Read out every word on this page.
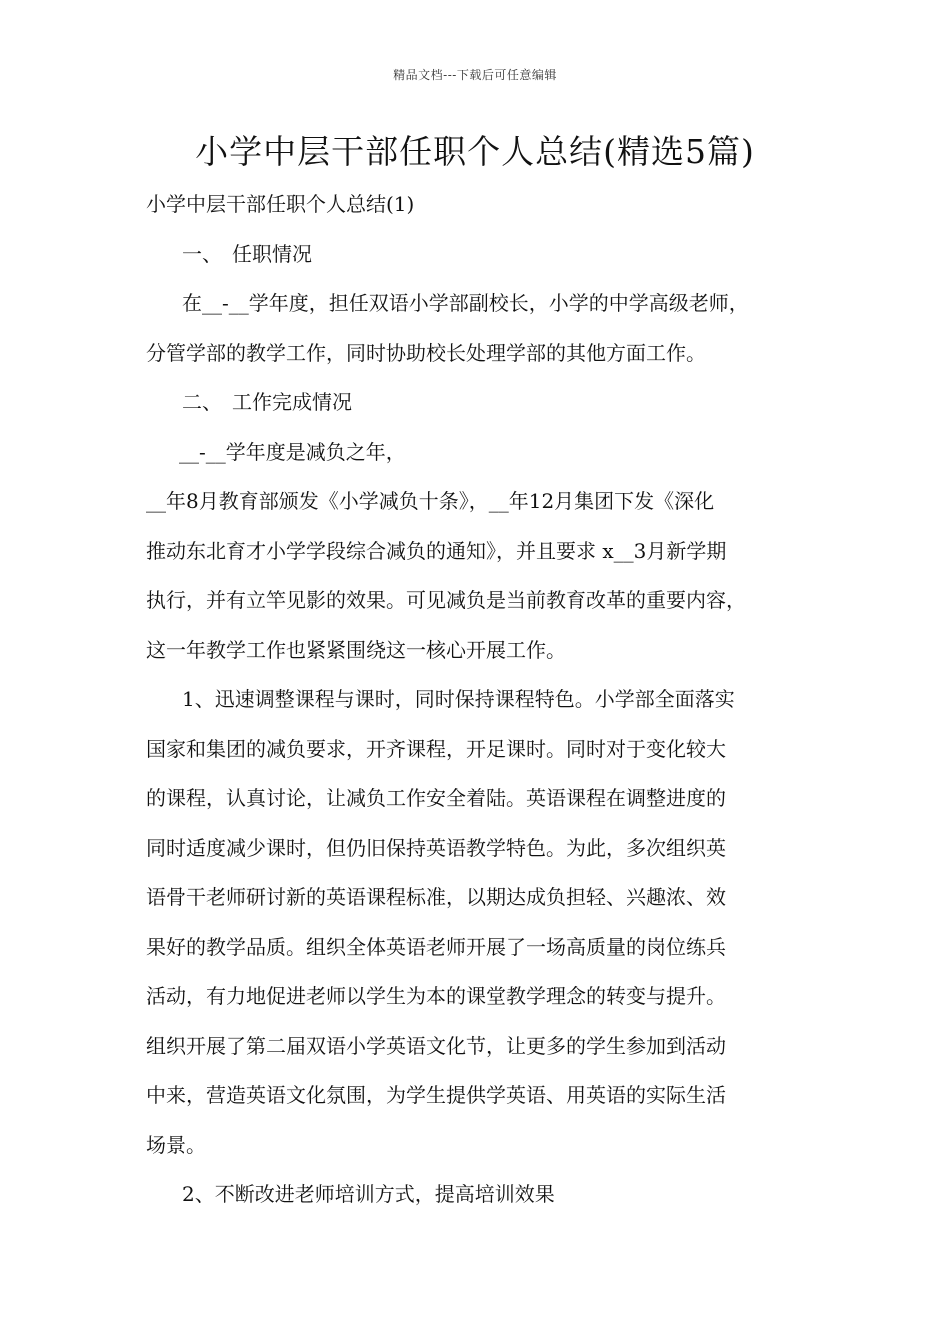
精品文档---下载后可任意编辑
小学中层干部任职个人总结(精选5篇)
小学中层干部任职个人总结(1)
一、　任职情况
在__-__学年度，担任双语小学部副校长，小学的中学高级老师，
分管学部的教学工作，同时协助校长处理学部的其他方面工作。
二、　工作完成情况
__-__学年度是减负之年，
__年8月教育部颁发《小学减负十条》，__年12月集团下发《深化
推动东北育才小学学段综合减负的通知》，并且要求 x__3月新学期
执行，并有立竿见影的效果。可见减负是当前教育改革的重要内容，
这一年教学工作也紧紧围绕这一核心开展工作。
1、迅速调整课程与课时，同时保持课程特色。小学部全面落实
国家和集团的减负要求，开齐课程，开足课时。同时对于变化较大
的课程，认真讨论，让减负工作安全着陆。英语课程在调整进度的
同时适度减少课时，但仍旧保持英语教学特色。为此，多次组织英
语骨干老师研讨新的英语课程标准，以期达成负担轻、兴趣浓、效
果好的教学品质。组织全体英语老师开展了一场高质量的岗位练兵
活动，有力地促进老师以学生为本的课堂教学理念的转变与提升。
组织开展了第二届双语小学英语文化节，让更多的学生参加到活动
中来，营造英语文化氛围，为学生提供学英语、用英语的实际生活
场景。
2、不断改进老师培训方式，提高培训效果
